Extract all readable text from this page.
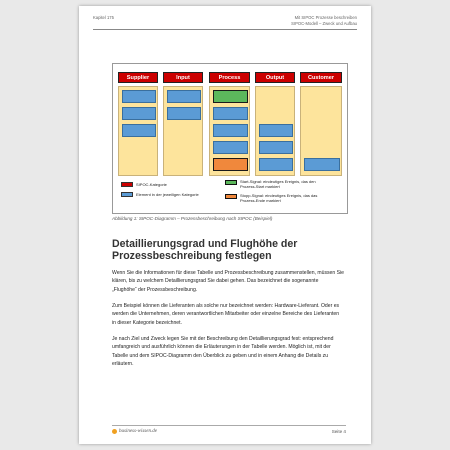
Kapitel 175	Mit SIPOC Prozesse beschreiben
SIPOC-Modell – Zweck und Aufbau
Supplier	Input	Process	Output	Customer
SIPOC-Kategorie
Element in der jeweiligen Kategorie
Start-Signal: eindeutiges Ereignis, das den
Prozess-Start markiert
Stopp-Signal: eindeutiges Ereignis, das das
Prozess-Ende markiert
Abbildung 1: SIPOC-Diagramm – Prozessbeschreibung nach SIPOC (Beispiel)
Detaillierungsgrad und Flughöhe der Prozessbeschreibung festlegen

Wenn Sie die Informationen für diese Tabelle und Prozessbeschreibung zusammenstellen, müssen Sie klären, bis zu welchem Detaillierungsgrad Sie dabei gehen. Das bezeichnet die sogenannte „Flughöhe“ der Prozessbeschreibung.

Zum Beispiel können die Lieferanten als solche nur bezeichnet werden: Hardware-Lieferant. Oder es werden die Unternehmen, deren verantwortlichen Mitarbeiter oder einzelne Bereiche des Lieferanten in dieser Kategorie bezeichnet.

Je nach Ziel und Zweck legen Sie mit der Beschreibung den Detaillierungsgrad fest: entsprechend umfangreich und ausführlich können die Erläuterungen in der Tabelle werden. Möglich ist, mit der Tabelle und dem SIPOC-Diagramm den Überblick zu geben und in einem Anhang die Details zu erläutern.

business-wissen.de	Seite 4
